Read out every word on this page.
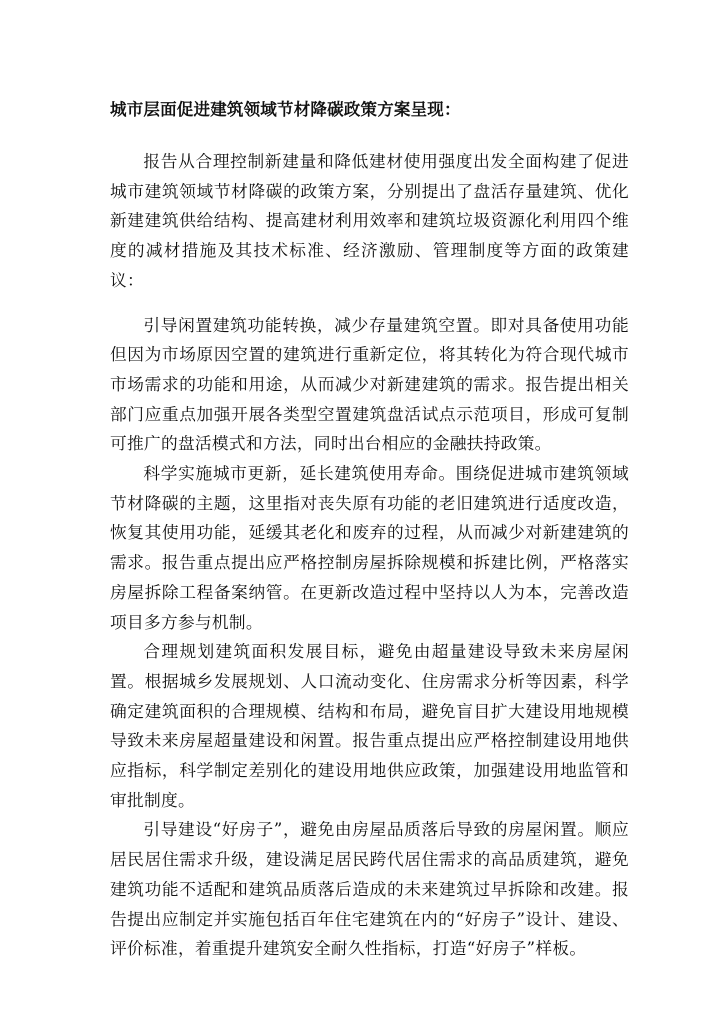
城市层面促进建筑领域节材降碳政策方案呈现：

报告从合理控制新建量和降低建材使用强度出发全面构建了促进城市建筑领域节材降碳的政策方案，分别提出了盘活存量建筑、优化新建建筑供给结构、提高建材利用效率和建筑垃圾资源化利用四个维度的减材措施及其技术标准、经济激励、管理制度等方面的政策建议：

引导闲置建筑功能转换，减少存量建筑空置。即对具备使用功能但因为市场原因空置的建筑进行重新定位，将其转化为符合现代城市市场需求的功能和用途，从而减少对新建建筑的需求。报告提出相关部门应重点加强开展各类型空置建筑盘活试点示范项目，形成可复制可推广的盘活模式和方法，同时出台相应的金融扶持政策。

科学实施城市更新，延长建筑使用寿命。围绕促进城市建筑领域节材降碳的主题，这里指对丧失原有功能的老旧建筑进行适度改造，恢复其使用功能，延缓其老化和废弃的过程，从而减少对新建建筑的需求。报告重点提出应严格控制房屋拆除规模和拆建比例，严格落实房屋拆除工程备案纳管。在更新改造过程中坚持以人为本，完善改造项目多方参与机制。

合理规划建筑面积发展目标，避免由超量建设导致未来房屋闲置。根据城乡发展规划、人口流动变化、住房需求分析等因素，科学确定建筑面积的合理规模、结构和布局，避免盲目扩大建设用地规模导致未来房屋超量建设和闲置。报告重点提出应严格控制建设用地供应指标，科学制定差别化的建设用地供应政策，加强建设用地监管和审批制度。

引导建设“好房子”，避免由房屋品质落后导致的房屋闲置。顺应居民居住需求升级，建设满足居民跨代居住需求的高品质建筑，避免建筑功能不适配和建筑品质落后造成的未来建筑过早拆除和改建。报告提出应制定并实施包括百年住宅建筑在内的“好房子”设计、建设、评价标准，着重提升建筑安全耐久性指标，打造“好房子”样板。
